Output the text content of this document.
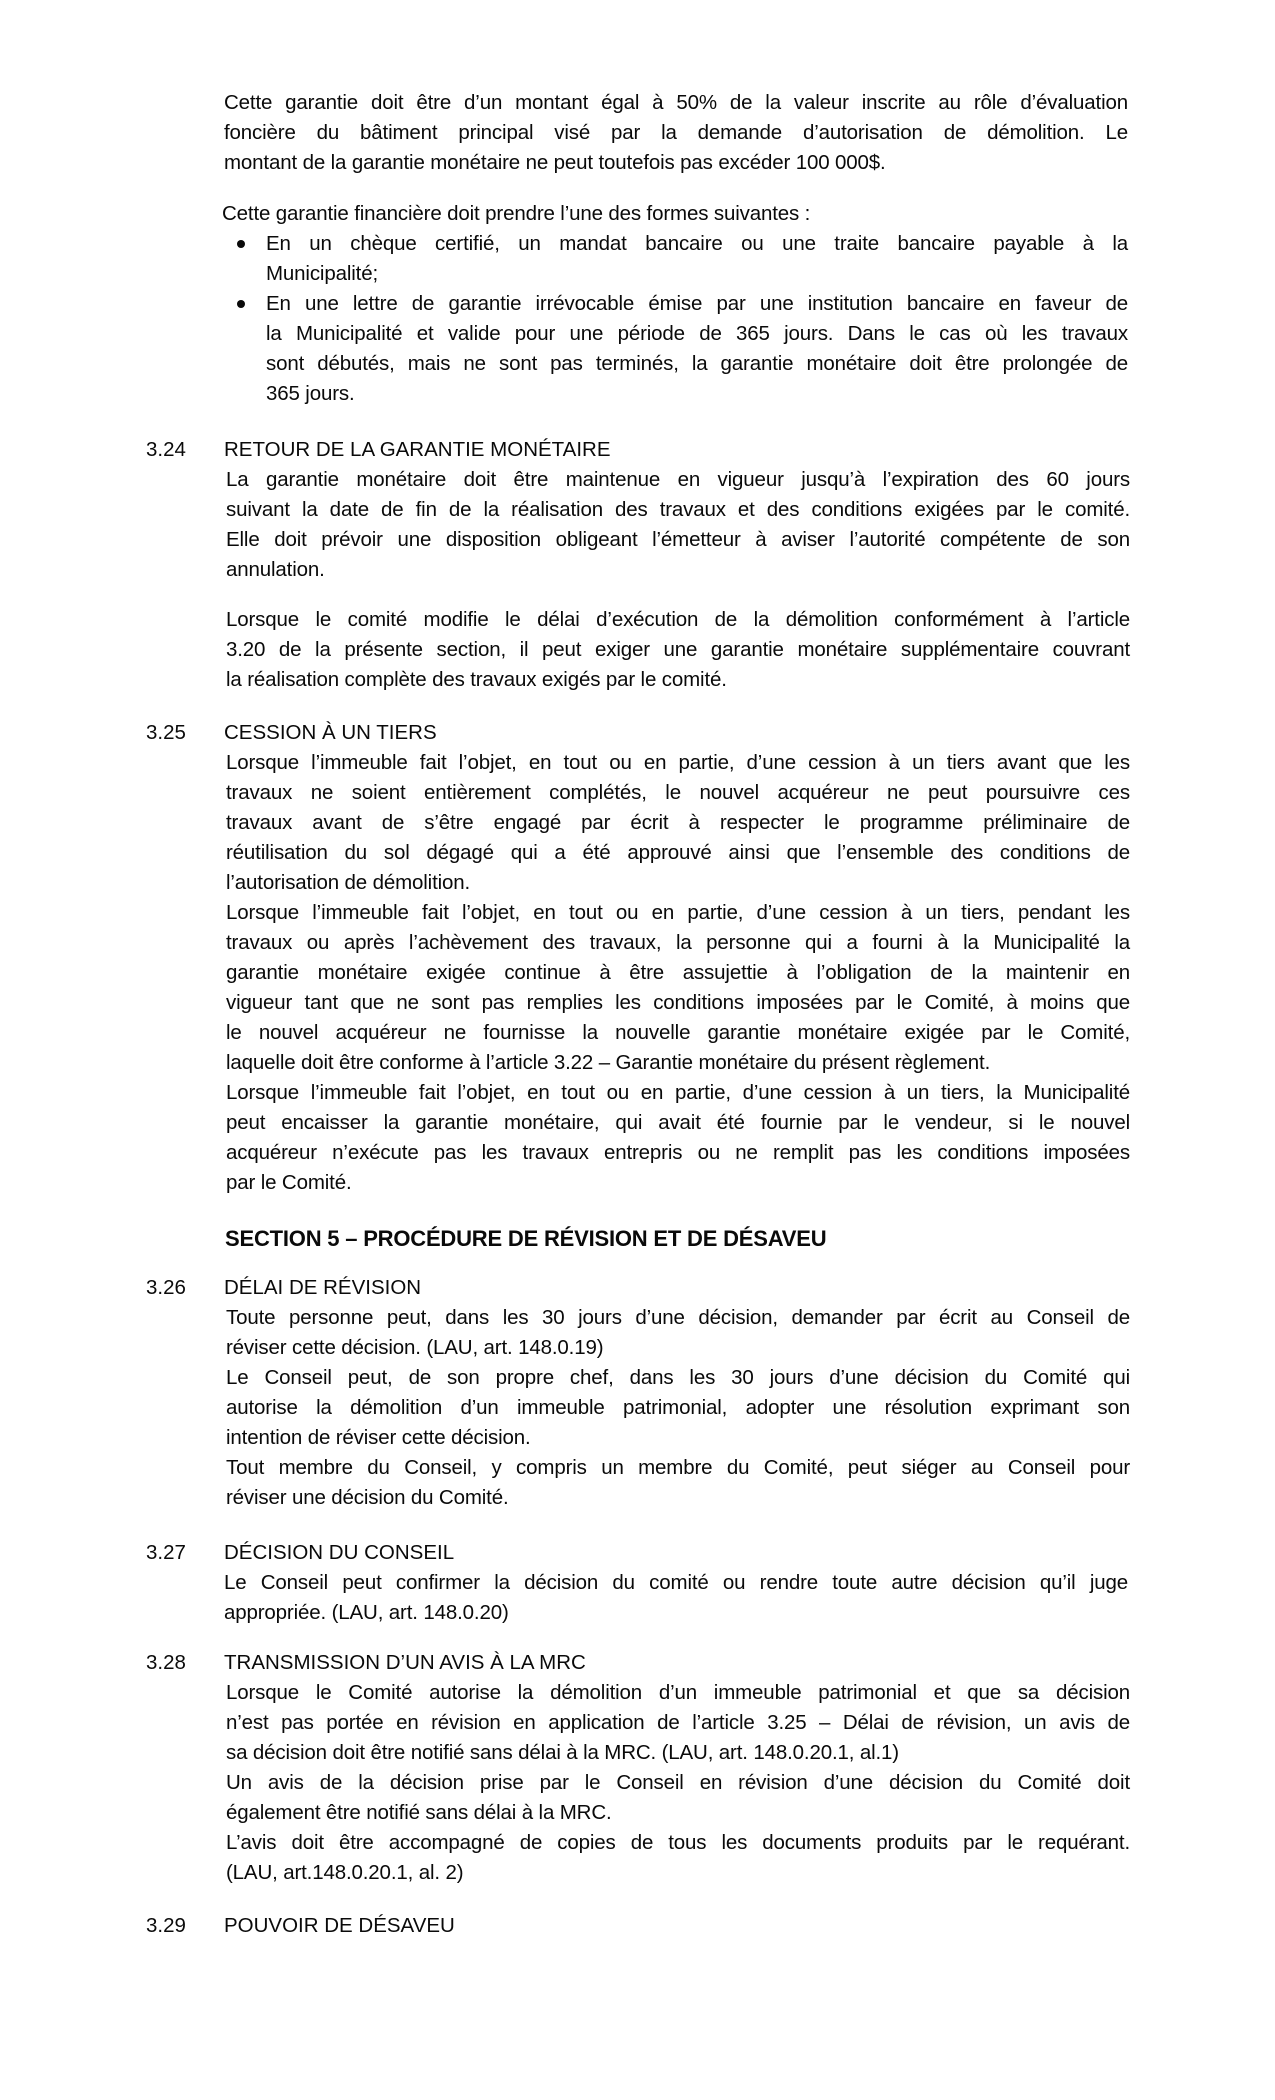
Cette garantie doit être d’un montant égal à 50% de la valeur inscrite au rôle d’évaluation
foncière du bâtiment principal visé par la demande d’autorisation de démolition. Le
montant de la garantie monétaire ne peut toutefois pas excéder 100 000$.
Cette garantie financière doit prendre l’une des formes suivantes :
En un chèque certifié, un mandat bancaire ou une traite bancaire payable à la
Municipalité;
En une lettre de garantie irrévocable émise par une institution bancaire en faveur de
la Municipalité et valide pour une période de 365 jours. Dans le cas où les travaux
sont débutés, mais ne sont pas terminés, la garantie monétaire doit être prolongée de
365 jours.
3.24 RETOUR DE LA GARANTIE MONÉTAIRE
La garantie monétaire doit être maintenue en vigueur jusqu’à l’expiration des 60 jours
suivant la date de fin de la réalisation des travaux et des conditions exigées par le comité.
Elle doit prévoir une disposition obligeant l’émetteur à aviser l’autorité compétente de son
annulation.
Lorsque le comité modifie le délai d’exécution de la démolition conformément à l’article
3.20 de la présente section, il peut exiger une garantie monétaire supplémentaire couvrant
la réalisation complète des travaux exigés par le comité.
3.25 CESSION À UN TIERS
Lorsque l’immeuble fait l’objet, en tout ou en partie, d’une cession à un tiers avant que les
travaux ne soient entièrement complétés, le nouvel acquéreur ne peut poursuivre ces
travaux avant de s’être engagé par écrit à respecter le programme préliminaire de
réutilisation du sol dégagé qui a été approuvé ainsi que l’ensemble des conditions de
l’autorisation de démolition.
Lorsque l’immeuble fait l’objet, en tout ou en partie, d’une cession à un tiers, pendant les
travaux ou après l’achèvement des travaux, la personne qui a fourni à la Municipalité la
garantie monétaire exigée continue à être assujettie à l’obligation de la maintenir en
vigueur tant que ne sont pas remplies les conditions imposées par le Comité, à moins que
le nouvel acquéreur ne fournisse la nouvelle garantie monétaire exigée par le Comité,
laquelle doit être conforme à l’article 3.22 – Garantie monétaire du présent règlement.
Lorsque l’immeuble fait l’objet, en tout ou en partie, d’une cession à un tiers, la Municipalité
peut encaisser la garantie monétaire, qui avait été fournie par le vendeur, si le nouvel
acquéreur n’exécute pas les travaux entrepris ou ne remplit pas les conditions imposées
par le Comité.
SECTION 5 – PROCÉDURE DE RÉVISION ET DE DÉSAVEU
3.26 DÉLAI DE RÉVISION
Toute personne peut, dans les 30 jours d’une décision, demander par écrit au Conseil de
réviser cette décision. (LAU, art. 148.0.19)
Le Conseil peut, de son propre chef, dans les 30 jours d’une décision du Comité qui
autorise la démolition d’un immeuble patrimonial, adopter une résolution exprimant son
intention de réviser cette décision.
Tout membre du Conseil, y compris un membre du Comité, peut siéger au Conseil pour
réviser une décision du Comité.
3.27 DÉCISION DU CONSEIL
Le Conseil peut confirmer la décision du comité ou rendre toute autre décision qu’il juge
appropriée. (LAU, art. 148.0.20)
3.28 TRANSMISSION D’UN AVIS À LA MRC
Lorsque le Comité autorise la démolition d’un immeuble patrimonial et que sa décision
n’est pas portée en révision en application de l’article 3.25 – Délai de révision, un avis de
sa décision doit être notifié sans délai à la MRC. (LAU, art. 148.0.20.1, al.1)
Un avis de la décision prise par le Conseil en révision d’une décision du Comité doit
également être notifié sans délai à la MRC.
L’avis doit être accompagné de copies de tous les documents produits par le requérant.
(LAU, art.148.0.20.1, al. 2)
3.29 POUVOIR DE DÉSAVEU
